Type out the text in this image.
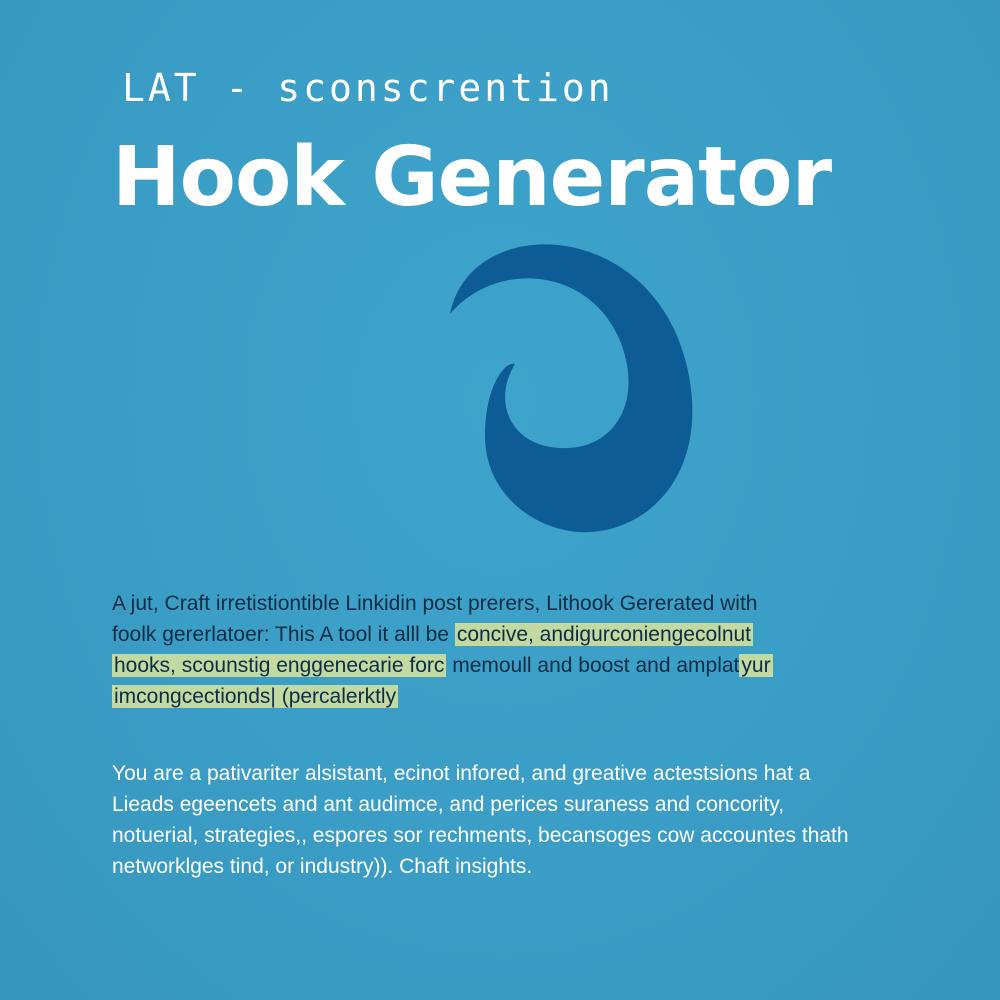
LAT - sconscrention
Hook Generator
A jut, Craft irretistiontible Linkidin post prerers, Lithook Gererated with
foolk gererlatoer: This A tool it alll be concive, andigurconiengecolnut
hooks, scounstig enggenecarie forc memoull and boost and amplatyur
imcongcectionds| (percalerktly
You are a pativariter alsistant, ecinot infored, and greative actestsions hat a
Lieads egeencets and ant audimce, and perices suraness and concority,
notuerial, strategies,, espores sor rechments, becansoges cow accountes thath
networklges tind, or industry)). Chaft insights.
